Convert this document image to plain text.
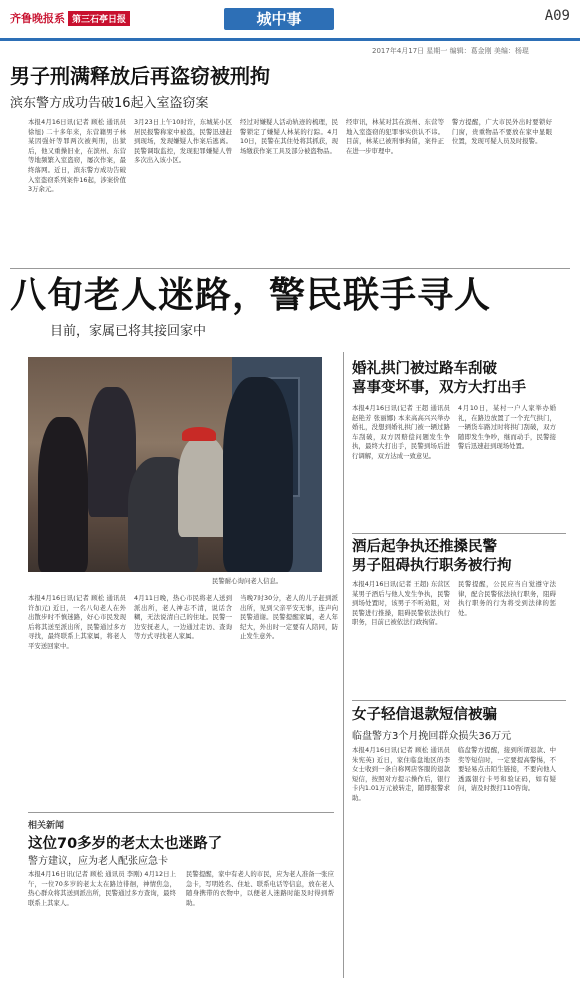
齐鲁晚报系 第三石亭日报	城中事	A09
2017年4月17日 星期一 编辑：葛金刚 美编：杨琨
男子刑满释放后再盗窃被刑拘
滨东警方成功告破16起入室盗窃案
本报4月16日讯(记者 顾松 通讯员 徐旭) 二十多年来，东营籍男子林某因强奸等罪两次被判刑，出狱后，他又重操旧业，在滨州、东营等地频繁入室盗窃，屡次作案，最终落网。近日，滨东警方成功告破入室盗窃系列案件16起，涉案价值3万余元。
3月23日上午10时许，东城某小区居民报警称家中被盗，民警迅速赶到现场，发现嫌疑人作案后逃离。民警调取监控，发现犯罪嫌疑人曾多次出入该小区。
经过对嫌疑人活动轨迹的梳理，民警锁定了嫌疑人林某的行踪。4月10日，民警在其住处将其抓获，现场缴获作案工具及部分被盗物品。
经审讯，林某对其在滨州、东营等地入室盗窃的犯罪事实供认不讳。目前，林某已被刑事拘留，案件正在进一步审理中。
警方提醒，广大市民外出时要锁好门窗，贵重物品不要放在家中显眼位置，发现可疑人员及时报警。
八旬老人迷路，警民联手寻人
目前，家属已将其接回家中
民警耐心询问老人信息。
本报4月16日讯(记者 顾松 通讯员 许加元) 近日，一名八旬老人在外出散步时不慎迷路，好心市民发现后将其送至派出所，民警通过多方寻找，最终联系上其家属，将老人平安送回家中。
4月11日晚，热心市民将老人送到派出所，老人神志不清，说话含糊，无法说清自己的住址。民警一边安抚老人，一边通过走访、查询等方式寻找老人家属。
当晚7时30分，老人的儿子赶到派出所，见到父亲平安无事，连声向民警道谢。民警提醒家属，老人年纪大，外出时一定要有人陪同，防止发生意外。
婚礼拱门被过路车刮破
喜事变坏事，双方大打出手
本报4月16日讯(记者 王超 通讯员 赵艳芳 张丽娜) 本来高高兴兴举办婚礼，没想到婚礼拱门被一辆过路车刮破，双方因赔偿问题发生争执，最终大打出手，民警到场后进行调解，双方达成一致意见。
4月10日，某村一户人家举办婚礼，在路边放置了一个充气拱门，一辆货车路过时将拱门刮破，双方随即发生争吵，继而动手，民警接警后迅速赶到现场处置。
酒后起争执还推搡民警
男子阻碍执行职务被行拘
本报4月16日讯(记者 王超) 东营区某男子酒后与他人发生争执，民警到场处置时，该男子不听劝阻，对民警进行推搡，阻碍民警依法执行职务，目前已被依法行政拘留。
民警提醒，公民应当自觉遵守法律，配合民警依法执行职务，阻碍执行职务的行为将受到法律的惩处。
女子轻信退款短信被骗
临盘警方3个月挽回群众损失36万元
本报4月16日讯(记者 顾松 通讯员 朱宪英) 近日，家住临盘地区的李女士收到一条自称网店客服的退款短信，按照对方提示操作后，银行卡内1.01万元被转走，随即报警求助。
临盘警方提醒，接到所谓退款、中奖等短信时，一定要提高警惕，不要轻易点击陌生链接，不要向他人透露银行卡号和验证码，如有疑问，请及时拨打110咨询。
相关新闻
这位70多岁的老太太也迷路了
警方建议，应为老人配张应急卡
本报4月16日讯(记者 顾松 通讯员 李刚) 4月12日上午，一位70多岁的老太太在路边徘徊，神情焦急，热心群众将其送到派出所，民警通过多方查询，最终联系上其家人。
民警提醒，家中有老人的市民，应为老人准备一张应急卡，写明姓名、住址、联系电话等信息，放在老人随身携带的衣物中，以便老人迷路时能及时得到帮助。
